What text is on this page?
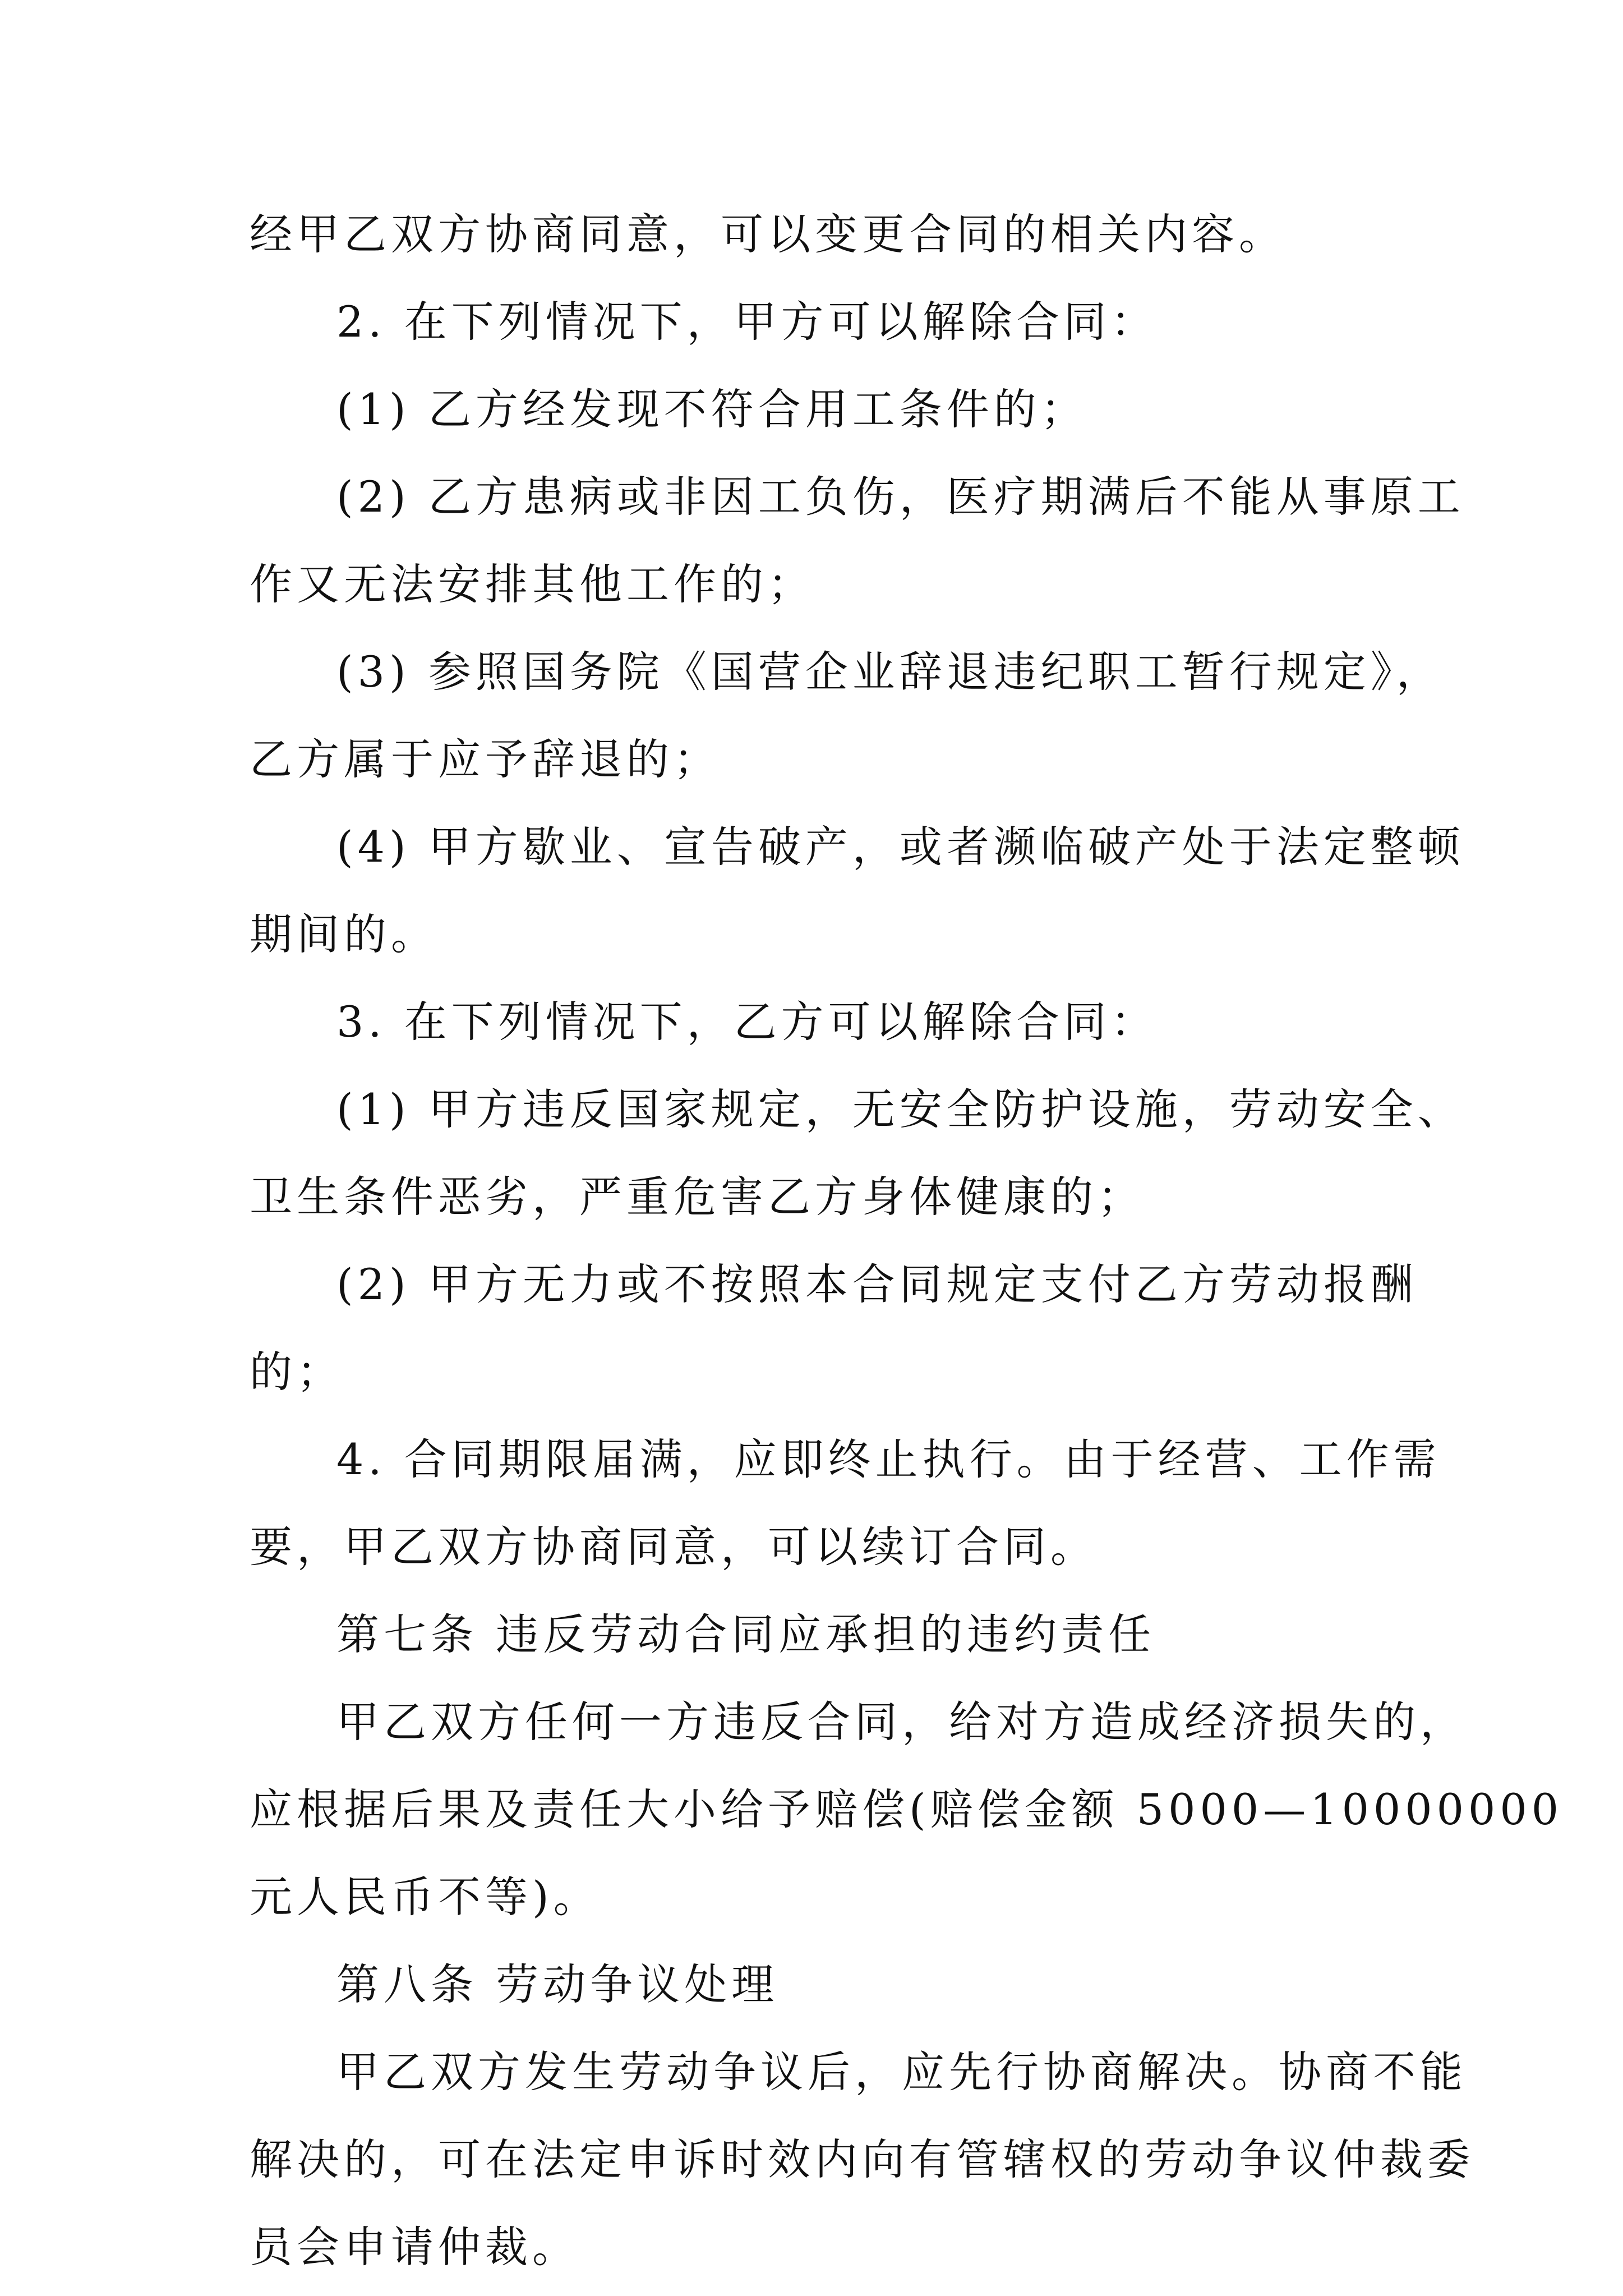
经甲乙双方协商同意，可以变更合同的相关内容。
2. 在下列情况下，甲方可以解除合同：
(1) 乙方经发现不符合用工条件的；
(2) 乙方患病或非因工负伤，医疗期满后不能从事原工
作又无法安排其他工作的；
(3) 参照国务院《国营企业辞退违纪职工暂行规定》，
乙方属于应予辞退的；
(4) 甲方歇业、宣告破产，或者濒临破产处于法定整顿
期间的。
3. 在下列情况下，乙方可以解除合同：
(1) 甲方违反国家规定，无安全防护设施，劳动安全、
卫生条件恶劣，严重危害乙方身体健康的；
(2) 甲方无力或不按照本合同规定支付乙方劳动报酬
的；
4. 合同期限届满，应即终止执行。由于经营、工作需
要，甲乙双方协商同意，可以续订合同。
第七条 违反劳动合同应承担的违约责任
甲乙双方任何一方违反合同，给对方造成经济损失的，
应根据后果及责任大小给予赔偿(赔偿金额 5000—10000000
元人民币不等)。
第八条 劳动争议处理
甲乙双方发生劳动争议后，应先行协商解决。协商不能
解决的，可在法定申诉时效内向有管辖权的劳动争议仲裁委
员会申请仲裁。
